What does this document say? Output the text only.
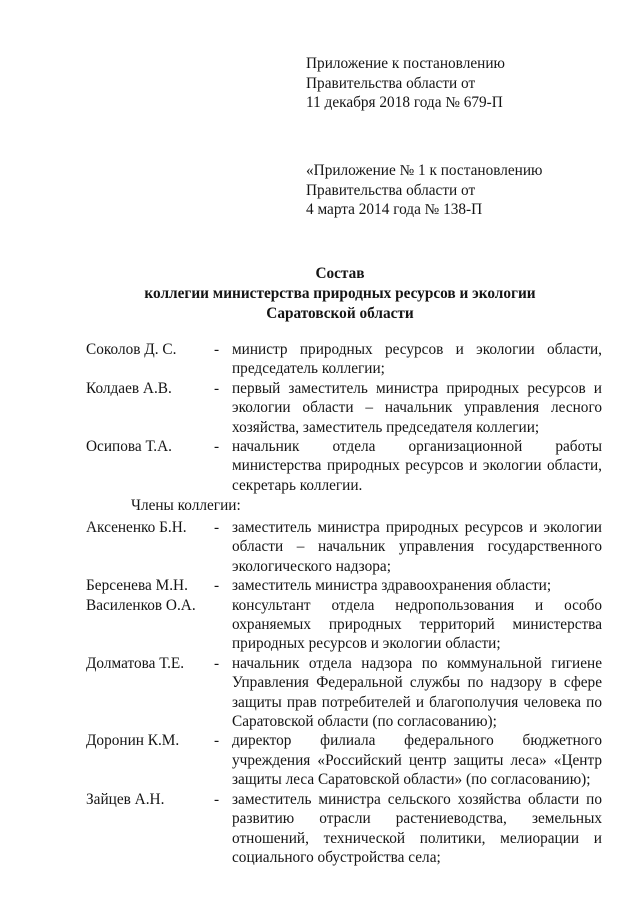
Приложение к постановлению
Правительства области от
11 декабря 2018 года № 679-П
«Приложение № 1 к постановлению
Правительства области от
4 марта 2014 года № 138-П
Состав
коллегии министерства природных ресурсов и экологии
Саратовской области
Соколов Д. С.	- министр природных ресурсов и экологии области, председатель коллегии;
Колдаев А.В.	- первый заместитель министра природных ресурсов и экологии области – начальник управления лесного хозяйства, заместитель председателя коллегии;
Осипова Т.А.	- начальник отдела организационной работы министерства природных ресурсов и экологии области, секретарь коллегии.
Члены коллегии:
Аксененко Б.Н.	- заместитель министра природных ресурсов и экологии области – начальник управления государственного экологического надзора;
Берсенева М.Н.	- заместитель министра здравоохранения области;
Василенков О.А.	консультант отдела недропользования и особо охраняемых природных территорий министерства природных ресурсов и экологии области;
Долматова Т.Е.	- начальник отдела надзора по коммунальной гигиене Управления Федеральной службы по надзору в сфере защиты прав потребителей и благополучия человека по Саратовской области (по согласованию);
Доронин К.М.	- директор филиала федерального бюджетного учреждения «Российский центр защиты леса» «Центр защиты леса Саратовской области» (по согласованию);
Зайцев А.Н.	- заместитель министра сельского хозяйства области по развитию отрасли растениеводства, земельных отношений, технической политики, мелиорации и социального обустройства села;
